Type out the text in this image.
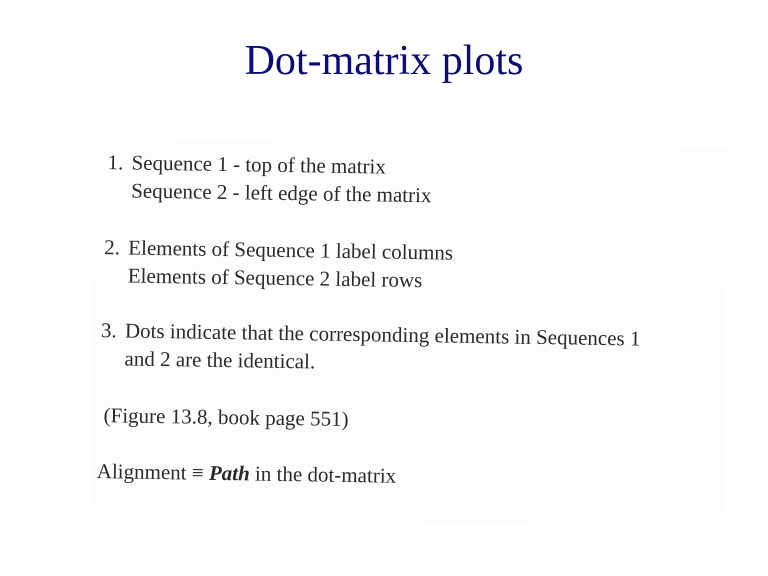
Dot-matrix plots
1. Sequence 1 - top of the matrix
Sequence 2 - left edge of the matrix
2. Elements of Sequence 1 label columns
Elements of Sequence 2 label rows
3. Dots indicate that the corresponding elements in Sequences 1
and 2 are the identical.
(Figure 13.8, book page 551)
Alignment ≡ Path in the dot-matrix
